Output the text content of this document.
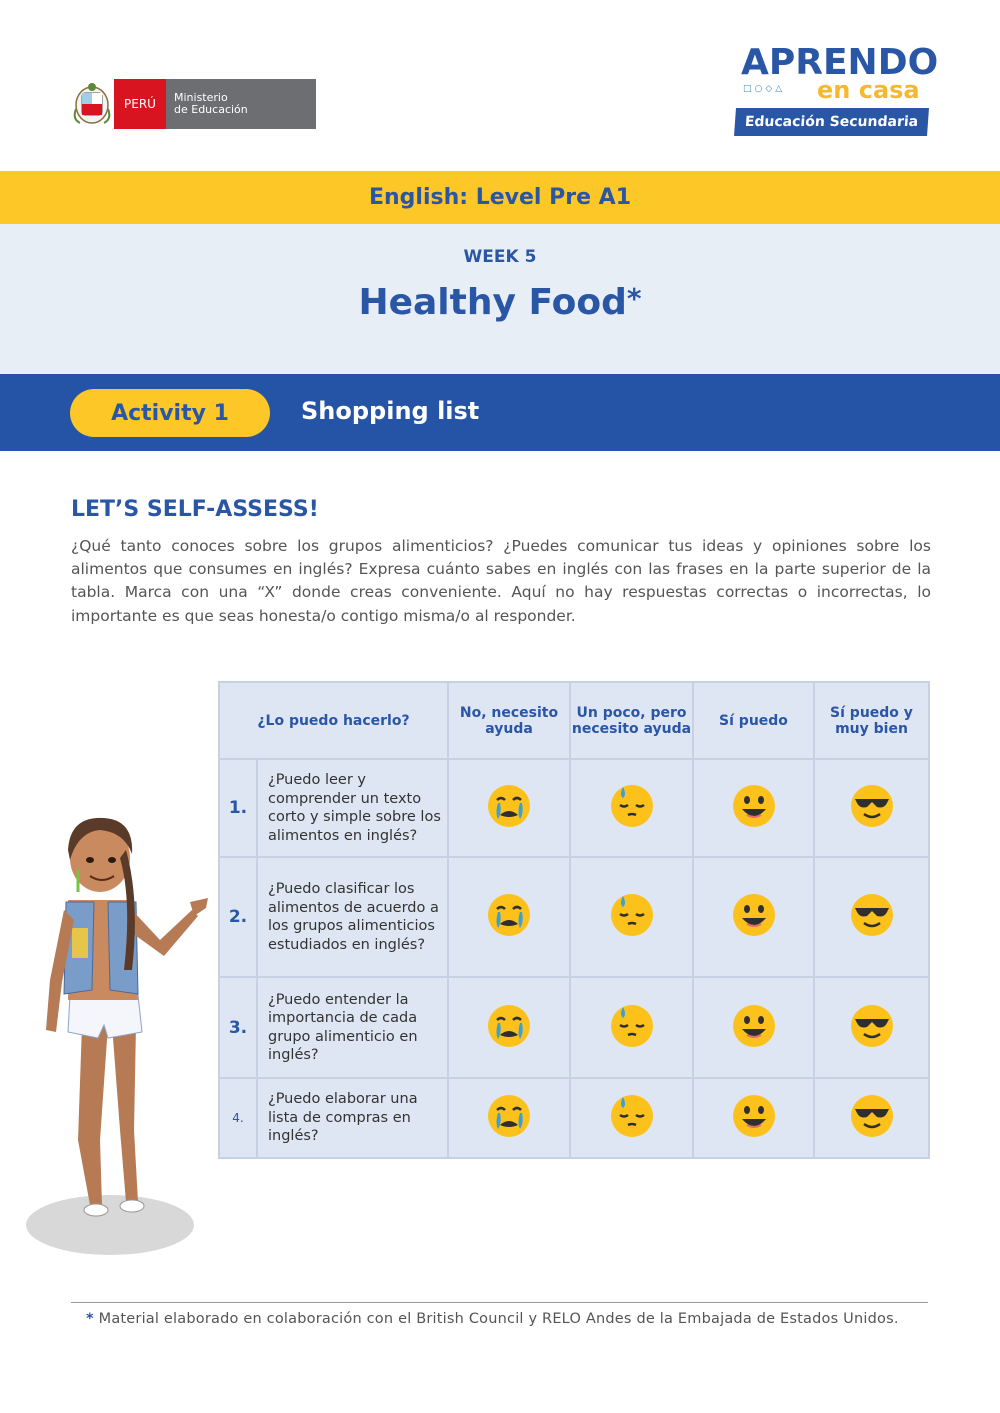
PERÚ	Ministerio
de Educación
APRENDO
□○◇△ en casa
Educación Secundaria
English: Level Pre A1
WEEK 5
Healthy Food*
Activity 1	Shopping list
LET’S SELF-ASSESS!
¿Qué tanto conoces sobre los grupos alimenticios? ¿Puedes comunicar tus ideas y opiniones sobre los alimentos que consumes en inglés? Expresa cuánto sabes en inglés con las frases en la parte superior de la tabla. Marca con una “X” donde creas conveniente. Aquí no hay respuestas correctas o incorrectas, lo importante es que seas honesta/o contigo misma/o al responder.
¿Lo puedo hacerlo?		No, necesito ayuda	Un poco, pero necesito ayuda	Sí puedo	Sí puedo y muy bien
1.	¿Puedo leer y comprender un texto corto y simple sobre los alimentos en inglés?				
2.	¿Puedo clasificar los alimentos de acuerdo a los grupos alimenticios estudiados en inglés?				
3.	¿Puedo entender la importancia de cada grupo alimenticio en inglés?				
4.	¿Puedo elaborar una lista de compras en inglés?				
* Material elaborado en colaboración con el British Council y RELO Andes de la Embajada de Estados Unidos.
